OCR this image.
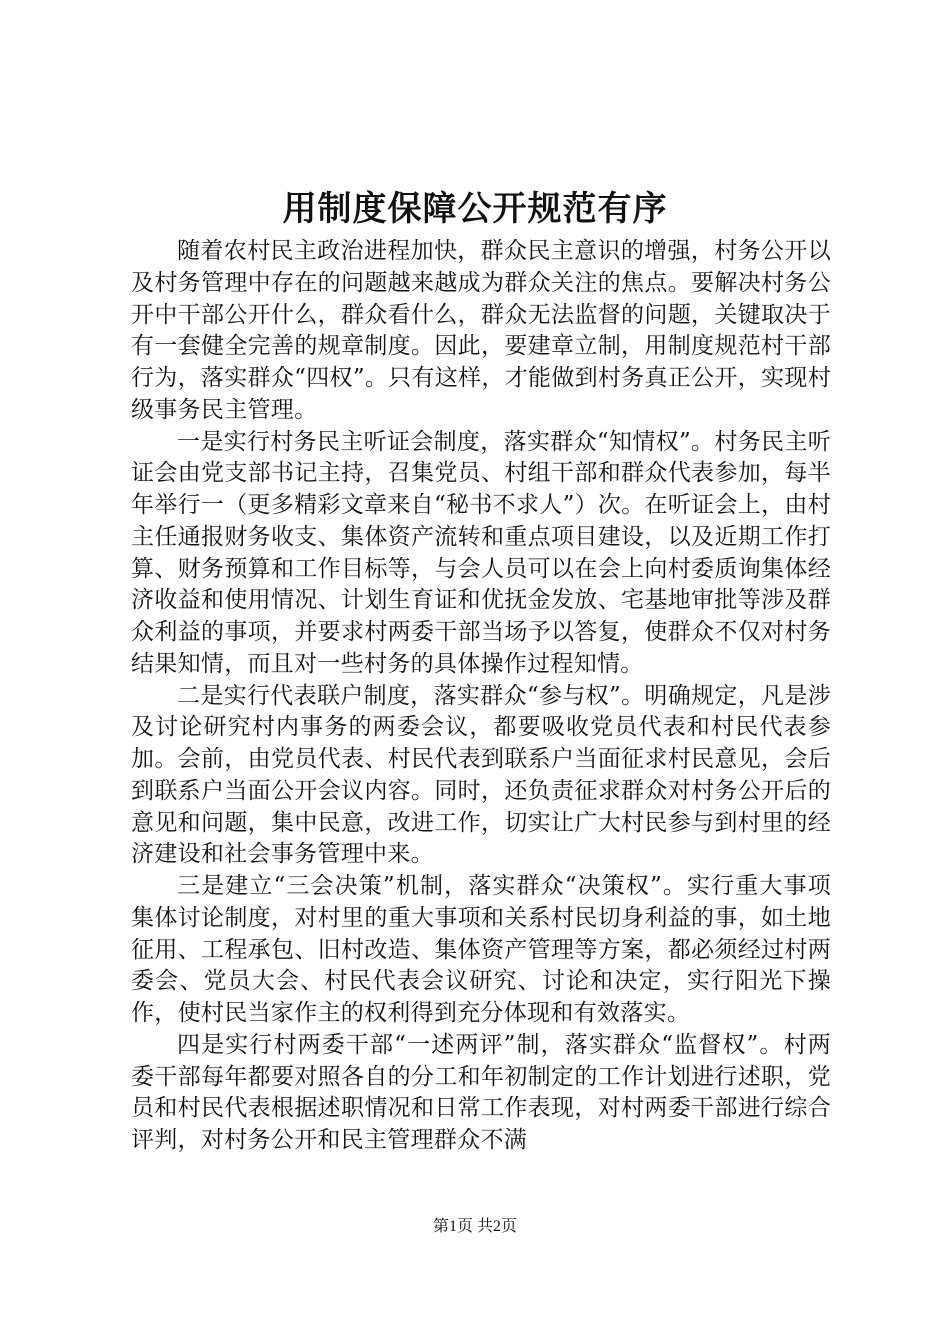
用制度保障公开规范有序

随着农村民主政治进程加快，群众民主意识的增强，村务公开以及村务管理中存在的问题越来越成为群众关注的焦点。要解决村务公开中干部公开什么，群众看什么，群众无法监督的问题，关键取决于有一套健全完善的规章制度。因此，要建章立制，用制度规范村干部行为，落实群众“四权”。只有这样，才能做到村务真正公开，实现村级事务民主管理。

一是实行村务民主听证会制度，落实群众“知情权”。村务民主听证会由党支部书记主持，召集党员、村组干部和群众代表参加，每半年举行一（更多精彩文章来自“秘书不求人”）次。在听证会上，由村主任通报财务收支、集体资产流转和重点项目建设，以及近期工作打算、财务预算和工作目标等，与会人员可以在会上向村委质询集体经济收益和使用情况、计划生育证和优抚金发放、宅基地审批等涉及群众利益的事项，并要求村两委干部当场予以答复，使群众不仅对村务结果知情，而且对一些村务的具体操作过程知情。

二是实行代表联户制度，落实群众“参与权”。明确规定，凡是涉及讨论研究村内事务的两委会议，都要吸收党员代表和村民代表参加。会前，由党员代表、村民代表到联系户当面征求村民意见，会后到联系户当面公开会议内容。同时，还负责征求群众对村务公开后的意见和问题，集中民意，改进工作，切实让广大村民参与到村里的经济建设和社会事务管理中来。

三是建立“三会决策”机制，落实群众“决策权”。实行重大事项集体讨论制度，对村里的重大事项和关系村民切身利益的事，如土地征用、工程承包、旧村改造、集体资产管理等方案，都必须经过村两委会、党员大会、村民代表会议研究、讨论和决定，实行阳光下操作，使村民当家作主的权利得到充分体现和有效落实。

四是实行村两委干部“一述两评”制，落实群众“监督权”。村两委干部每年都要对照各自的分工和年初制定的工作计划进行述职，党员和村民代表根据述职情况和日常工作表现，对村两委干部进行综合评判，对村务公开和民主管理群众不满

第1页 共2页
